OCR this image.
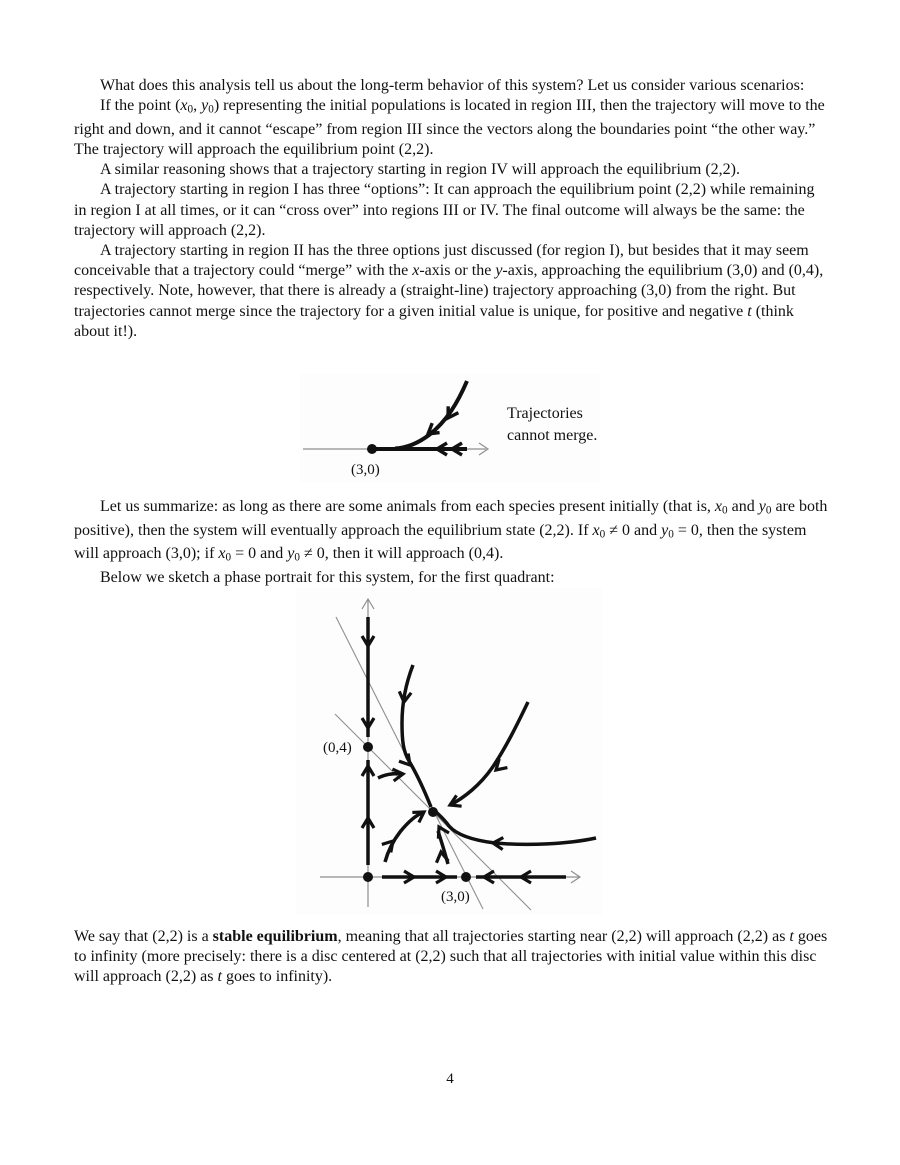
What does this analysis tell us about the long-term behavior of this system? Let us consider various scenarios:

If the point ($x_0$, $y_0$) representing the initial populations is located in region III, then the trajectory will move to the right and down, and it cannot “escape” from region III since the vectors along the boundaries point “the other way.” The trajectory will approach the equilibrium point (2,2).

A similar reasoning shows that a trajectory starting in region IV will approach the equilibrium (2,2).

A trajectory starting in region I has three “options”: It can approach the equilibrium point (2,2) while remaining in region I at all times, or it can “cross over” into regions III or IV. The final outcome will always be the same: the trajectory will approach (2,2).

A trajectory starting in region II has the three options just discussed (for region I), but besides that it may seem conceivable that a trajectory could “merge” with the x-axis or the y-axis, approaching the equilibrium (3,0) and (0,4), respectively. Note, however, that there is already a (straight-line) trajectory approaching (3,0) from the right. But trajectories cannot merge since the trajectory for a given initial value is unique, for positive and negative t (think about it!).

(3,0)
Trajectories
cannot merge.

Let us summarize: as long as there are some animals from each species present initially (that is, $x_0$ and $y_0$ are both positive), then the system will eventually approach the equilibrium state (2,2). If $x_0 \ne 0$ and $y_0 = 0$, then the system will approach (3,0); if $x_0 = 0$ and $y_0 \ne 0$, then it will approach (0,4).

Below we sketch a phase portrait for this system, for the first quadrant:

(0,4)
(3,0)

We say that (2,2) is a stable equilibrium, meaning that all trajectories starting near (2,2) will approach (2,2) as t goes to infinity (more precisely: there is a disc centered at (2,2) such that all trajectories with initial value within this disc will approach (2,2) as t goes to infinity).

4
